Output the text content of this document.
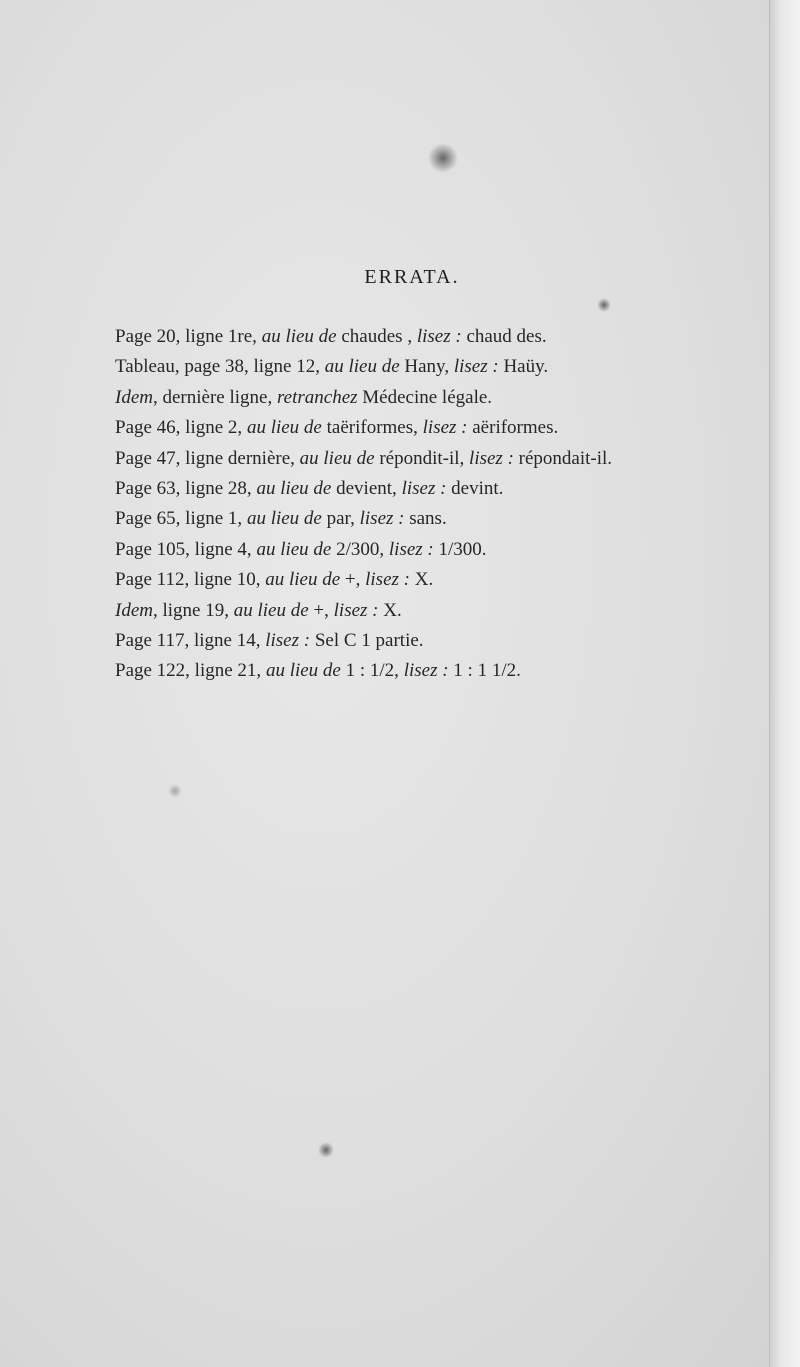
ERRATA.
Page 20, ligne 1re, au lieu de chaudes , lisez : chaud des.
Tableau, page 38, ligne 12, au lieu de Hany, lisez : Haüy.
Idem, dernière ligne, retranchez Médecine légale.
Page 46, ligne 2, au lieu de taëriformes, lisez : aëriformes.
Page 47, ligne dernière, au lieu de répondit-il, lisez : répondait-il.
Page 63, ligne 28, au lieu de devient, lisez : devint.
Page 65, ligne 1, au lieu de par, lisez : sans.
Page 105, ligne 4, au lieu de 2/300, lisez : 1/300.
Page 112, ligne 10, au lieu de +, lisez : X.
Idem, ligne 19, au lieu de +, lisez : X.
Page 117, ligne 14, lisez : Sel C 1 partie.
Page 122, ligne 21, au lieu de 1 : 1/2, lisez : 1 : 1 1/2.
